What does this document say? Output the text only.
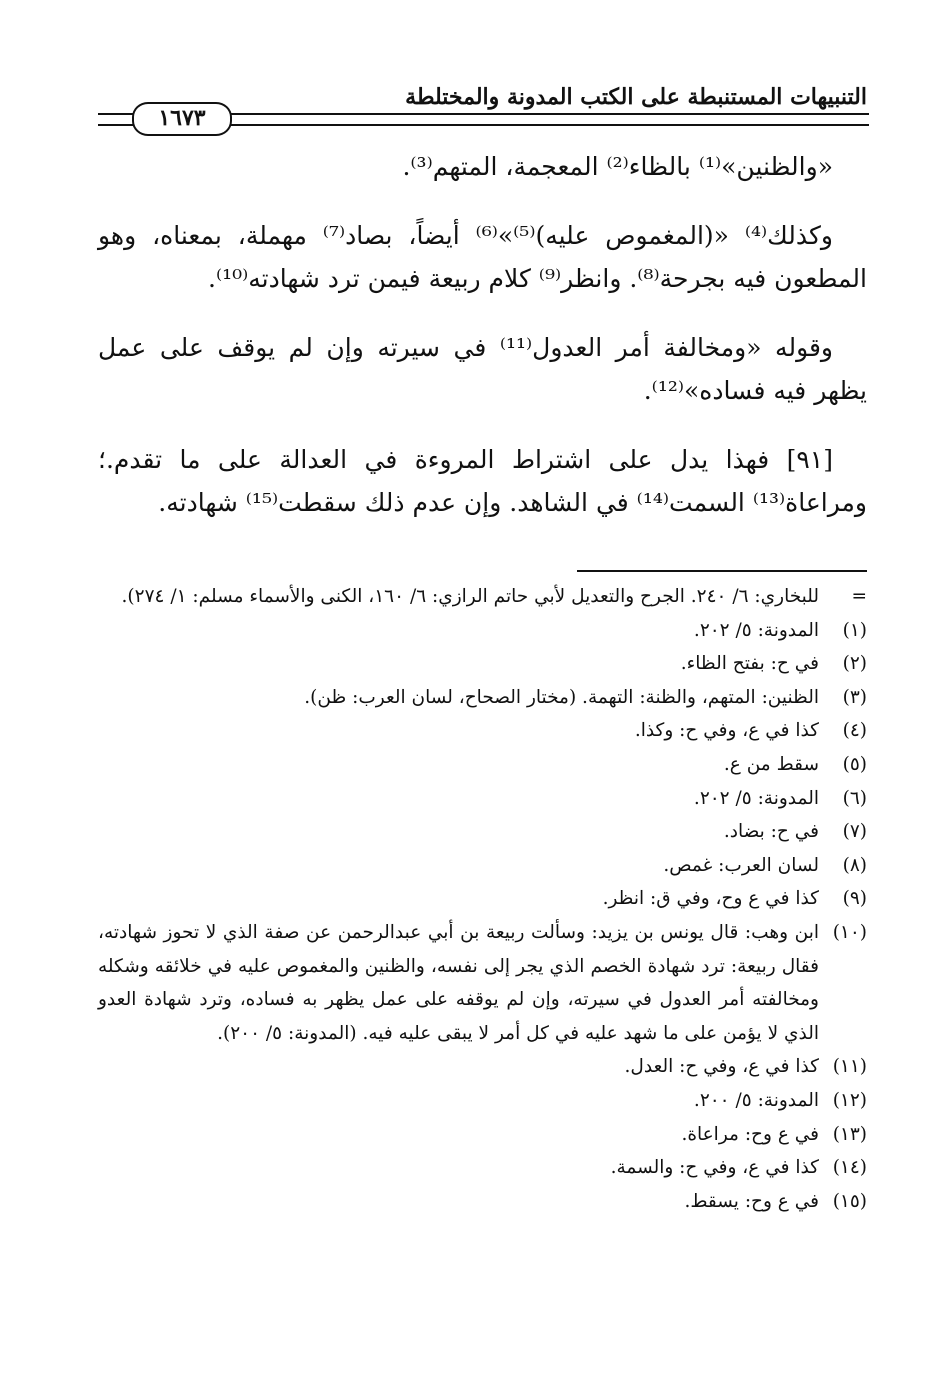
التنبيهات المستنبطة على الكتب المدونة والمختلطة
١٦٧٣

«والظنين»⁽¹⁾ بالظاء⁽²⁾ المعجمة، المتهم⁽³⁾.

وكذلك⁽⁴⁾ «(المغموص عليه)⁽⁵⁾»⁽⁶⁾ أيضاً، بصاد⁽⁷⁾ مهملة، بمعناه، وهو المطعون فيه بجرحة⁽⁸⁾. وانظر⁽⁹⁾ كلام ربيعة فيمن ترد شهادته⁽¹⁰⁾.

وقوله «ومخالفة أمر العدول⁽¹¹⁾ في سيرته وإن لم يوقف على عمل يظهر فيه فساده»⁽¹²⁾.

[٩١] فهذا يدل على اشتراط المروءة في العدالة على ما تقدم.؛ ومراعاة⁽¹³⁾ السمت⁽¹⁴⁾ في الشاهد. وإن عدم ذلك سقطت⁽¹⁵⁾ شهادته.

=
للبخاري: ٦/ ٢٤٠. الجرح والتعديل لأبي حاتم الرازي: ٦/ ١٦٠، الكنى والأسماء مسلم: ١/ ٢٧٤).
(١)
المدونة: ٥/ ٢٠٢.
(٢)
في ح: بفتح الظاء.
(٣)
الظنين: المتهم، والظنة: التهمة. (مختار الصحاح، لسان العرب: ظن).
(٤)
كذا في ع، وفي ح: وكذا.
(٥)
سقط من ع.
(٦)
المدونة: ٥/ ٢٠٢.
(٧)
في ح: بضاد.
(٨)
لسان العرب: غمص.
(٩)
كذا في ع وح، وفي ق: انظر.
(١٠)
ابن وهب: قال يونس بن يزيد: وسألت ربيعة بن أبي عبدالرحمن عن صفة الذي لا تحوز شهادته، فقال ربيعة: ترد شهادة الخصم الذي يجر إلى نفسه، والظنين والمغموص عليه في خلائقه وشكله ومخالفته أمر العدول في سيرته، وإن لم يوقفه على عمل يظهر به فساده، وترد شهادة العدو الذي لا يؤمن على ما شهد عليه في كل أمر لا يبقى عليه فيه. (المدونة: ٥/ ٢٠٠).
(١١)
كذا في ع، وفي ح: العدل.
(١٢)
المدونة: ٥/ ٢٠٠.
(١٣)
في ع وح: مراعاة.
(١٤)
كذا في ع، وفي ح: والسمة.
(١٥)
في ع وح: يسقط.
